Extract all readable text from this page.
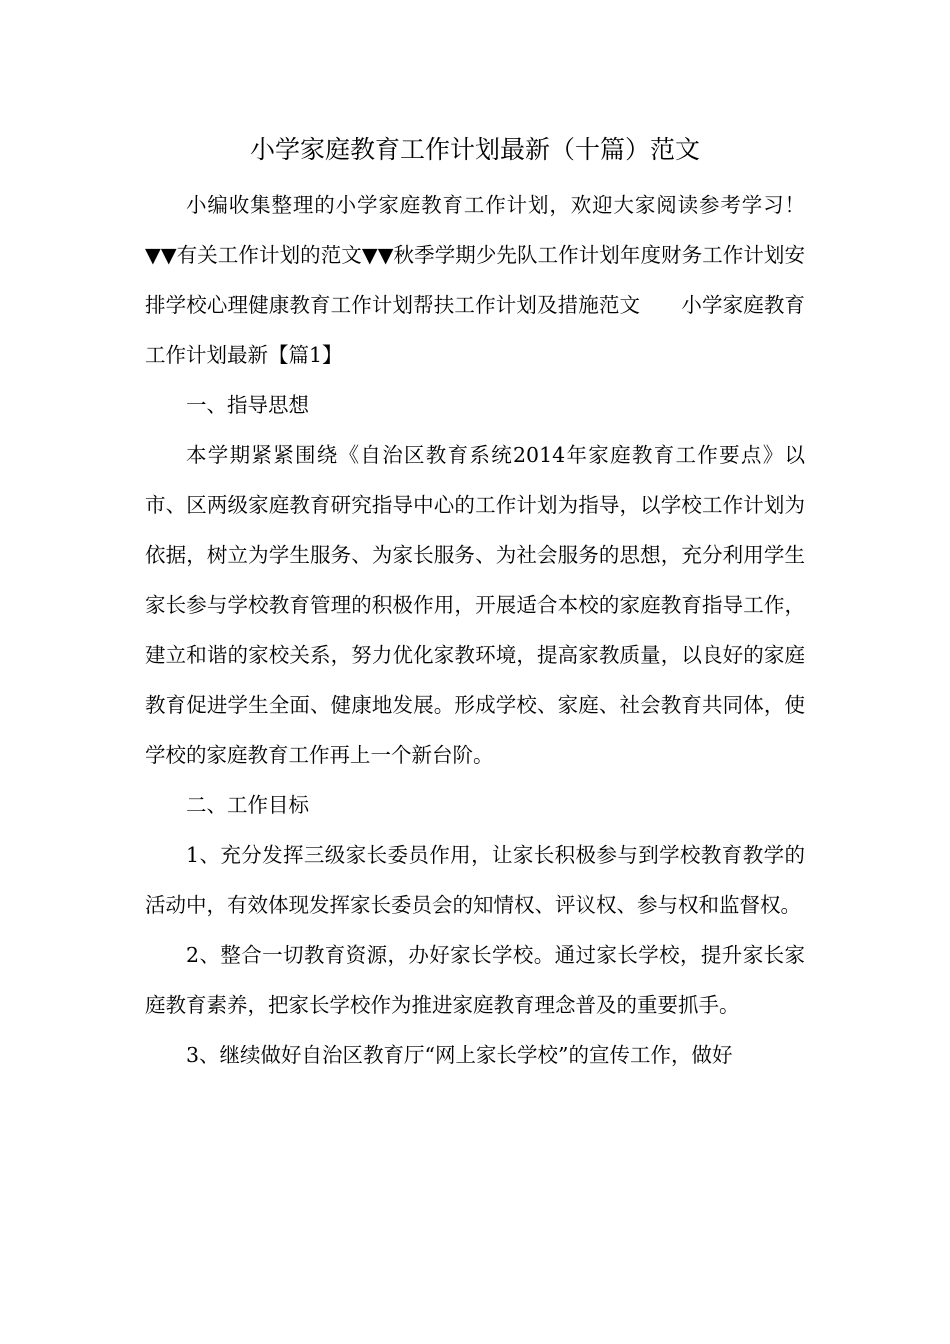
小学家庭教育工作计划最新（十篇）范文

小编收集整理的小学家庭教育工作计划，欢迎大家阅读参考学习！▼▼有关工作计划的范文▼▼秋季学期少先队工作计划年度财务工作计划安排学校心理健康教育工作计划帮扶工作计划及措施范文　　小学家庭教育工作计划最新【篇1】

一、指导思想

本学期紧紧围绕《自治区教育系统2014年家庭教育工作要点》以市、区两级家庭教育研究指导中心的工作计划为指导，以学校工作计划为依据，树立为学生服务、为家长服务、为社会服务的思想，充分利用学生家长参与学校教育管理的积极作用，开展适合本校的家庭教育指导工作，建立和谐的家校关系，努力优化家教环境，提高家教质量，以良好的家庭教育促进学生全面、健康地发展。形成学校、家庭、社会教育共同体，使学校的家庭教育工作再上一个新台阶。

二、工作目标

1、充分发挥三级家长委员作用，让家长积极参与到学校教育教学的活动中，有效体现发挥家长委员会的知情权、评议权、参与权和监督权。

2、整合一切教育资源，办好家长学校。通过家长学校，提升家长家庭教育素养，把家长学校作为推进家庭教育理念普及的重要抓手。

3、继续做好自治区教育厅“网上家长学校”的宣传工作，做好
